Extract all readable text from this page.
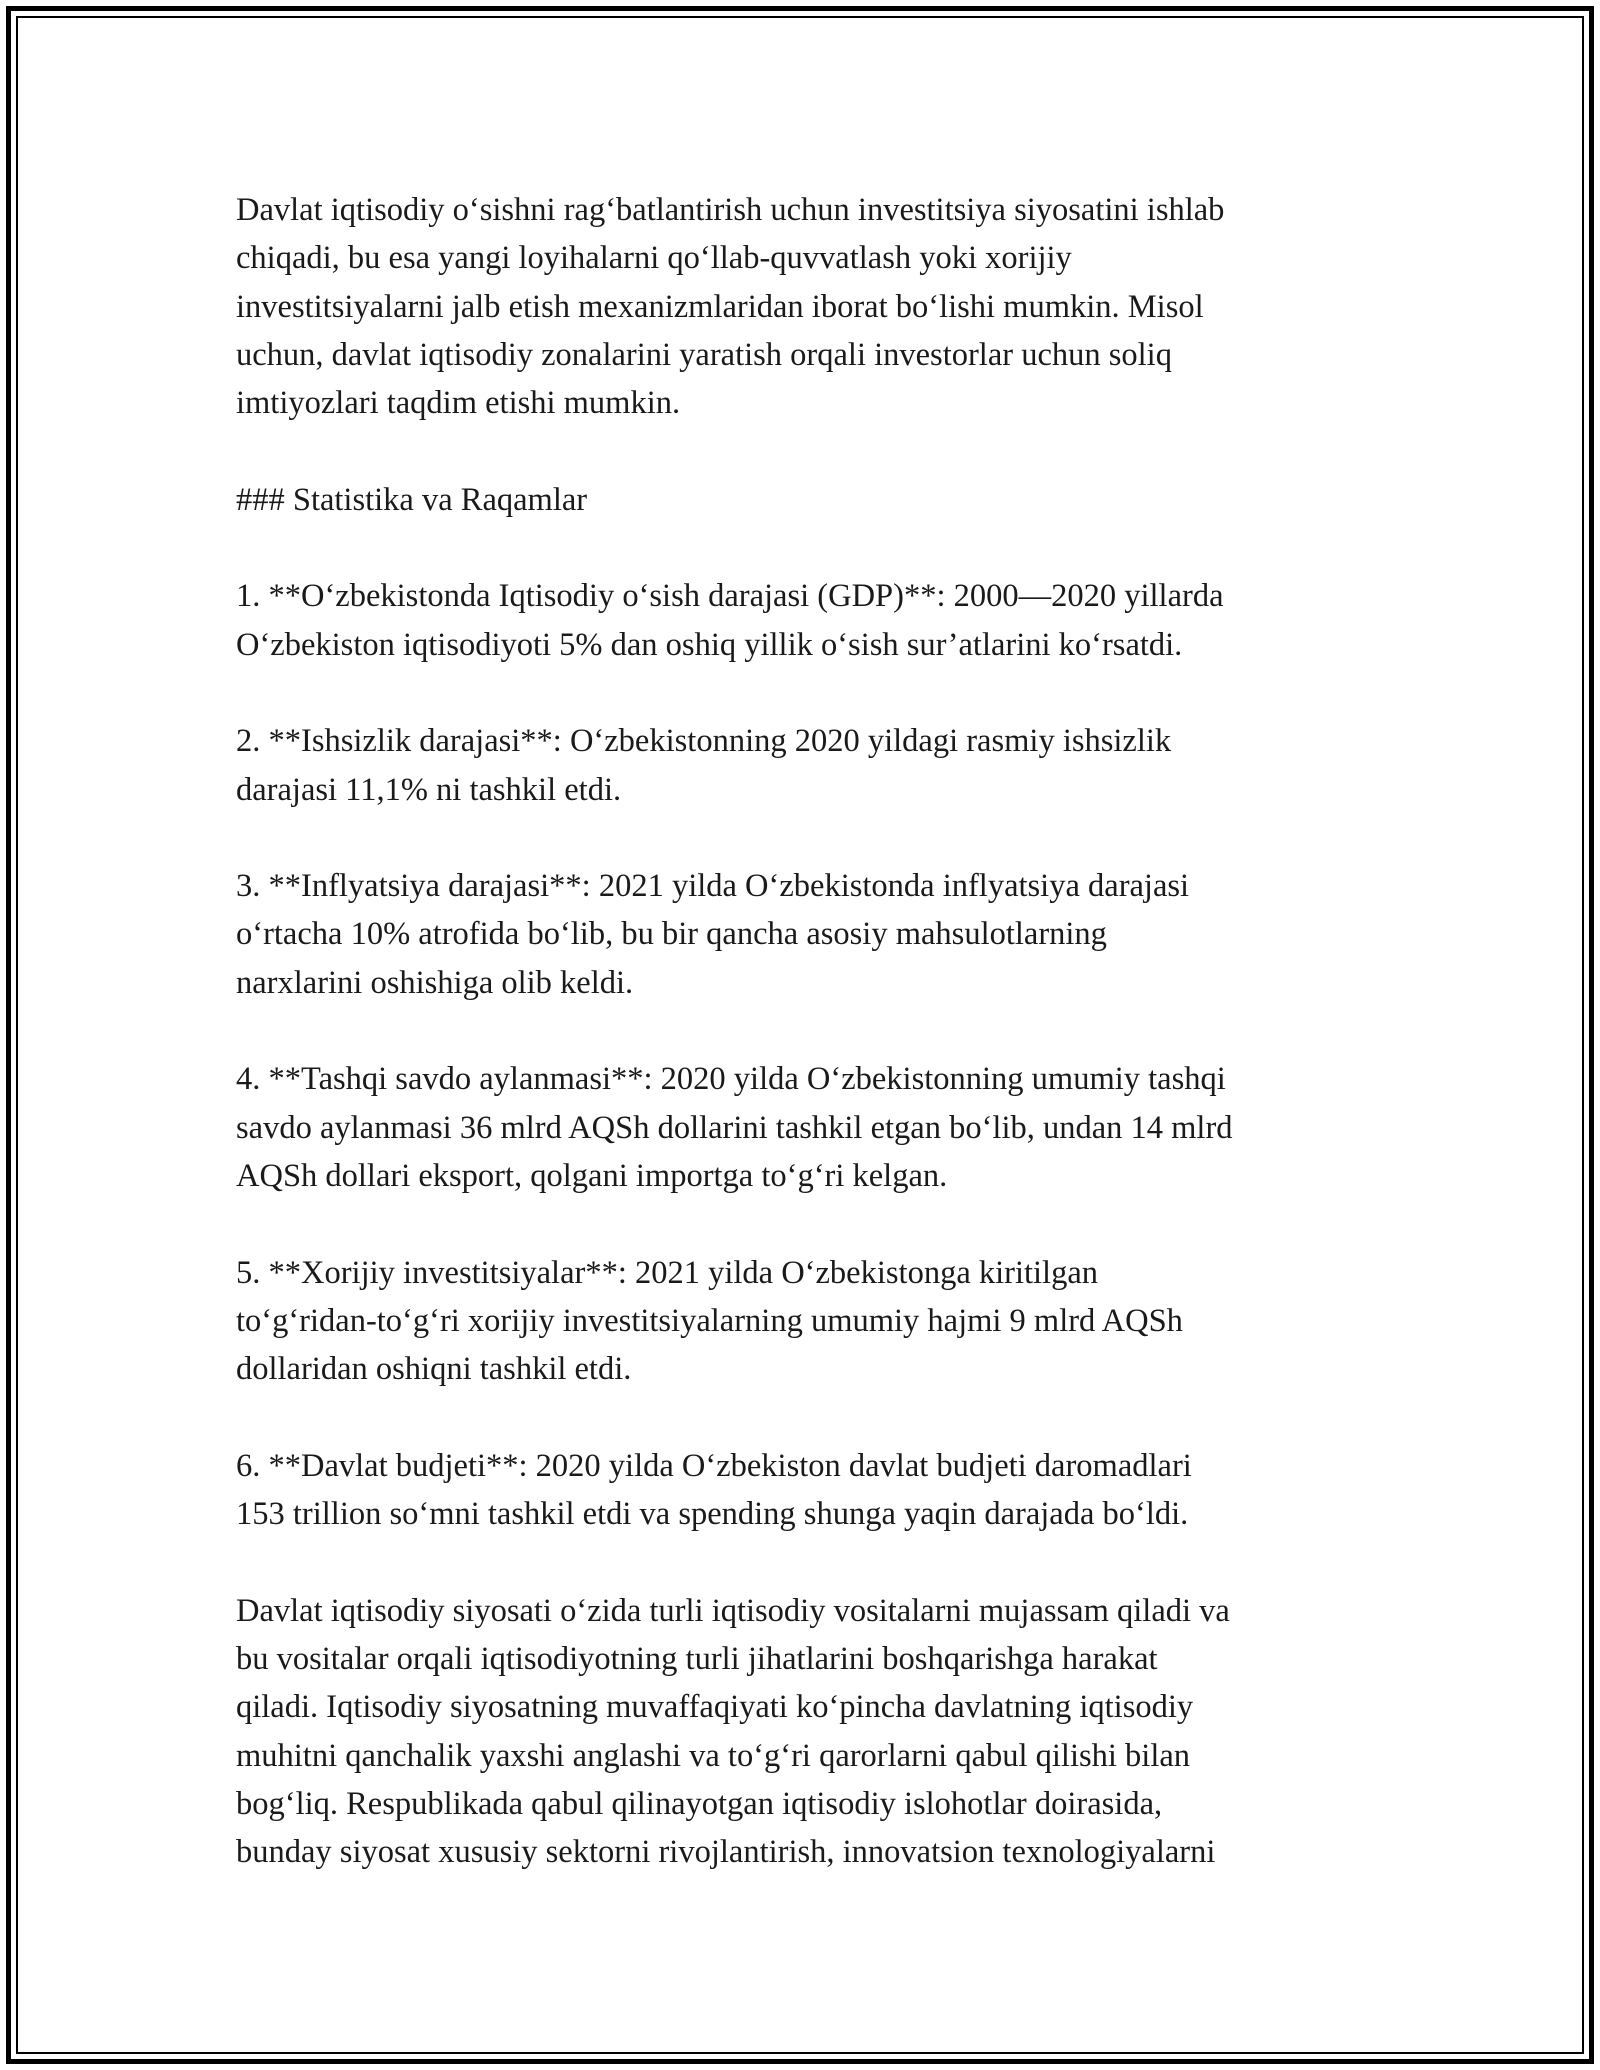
Davlat iqtisodiy o‘sishni rag‘batlantirish uchun investitsiya siyosatini ishlab
chiqadi, bu esa yangi loyihalarni qo‘llab-quvvatlash yoki xorijiy
investitsiyalarni jalb etish mexanizmlaridan iborat bo‘lishi mumkin. Misol
uchun, davlat iqtisodiy zonalarini yaratish orqali investorlar uchun soliq
imtiyozlari taqdim etishi mumkin.

### Statistika va Raqamlar

1. **O‘zbekistonda Iqtisodiy o‘sish darajasi (GDP)**: 2000—2020 yillarda
O‘zbekiston iqtisodiyoti 5% dan oshiq yillik o‘sish sur’atlarini ko‘rsatdi.

2. **Ishsizlik darajasi**: O‘zbekistonning 2020 yildagi rasmiy ishsizlik
darajasi 11,1% ni tashkil etdi.

3. **Inflyatsiya darajasi**: 2021 yilda O‘zbekistonda inflyatsiya darajasi
o‘rtacha 10% atrofida bo‘lib, bu bir qancha asosiy mahsulotlarning
narxlarini oshishiga olib keldi.

4. **Tashqi savdo aylanmasi**: 2020 yilda O‘zbekistonning umumiy tashqi
savdo aylanmasi 36 mlrd AQSh dollarini tashkil etgan bo‘lib, undan 14 mlrd
AQSh dollari eksport, qolgani importga to‘g‘ri kelgan.

5. **Xorijiy investitsiyalar**: 2021 yilda O‘zbekistonga kiritilgan
to‘g‘ridan-to‘g‘ri xorijiy investitsiyalarning umumiy hajmi 9 mlrd AQSh
dollaridan oshiqni tashkil etdi.

6. **Davlat budjeti**: 2020 yilda O‘zbekiston davlat budjeti daromadlari
153 trillion so‘mni tashkil etdi va spending shunga yaqin darajada bo‘ldi.

Davlat iqtisodiy siyosati o‘zida turli iqtisodiy vositalarni mujassam qiladi va
bu vositalar orqali iqtisodiyotning turli jihatlarini boshqarishga harakat
qiladi. Iqtisodiy siyosatning muvaffaqiyati ko‘pincha davlatning iqtisodiy
muhitni qanchalik yaxshi anglashi va to‘g‘ri qarorlarni qabul qilishi bilan
bog‘liq. Respublikada qabul qilinayotgan iqtisodiy islohotlar doirasida,
bunday siyosat xususiy sektorni rivojlantirish, innovatsion texnologiyalarni
